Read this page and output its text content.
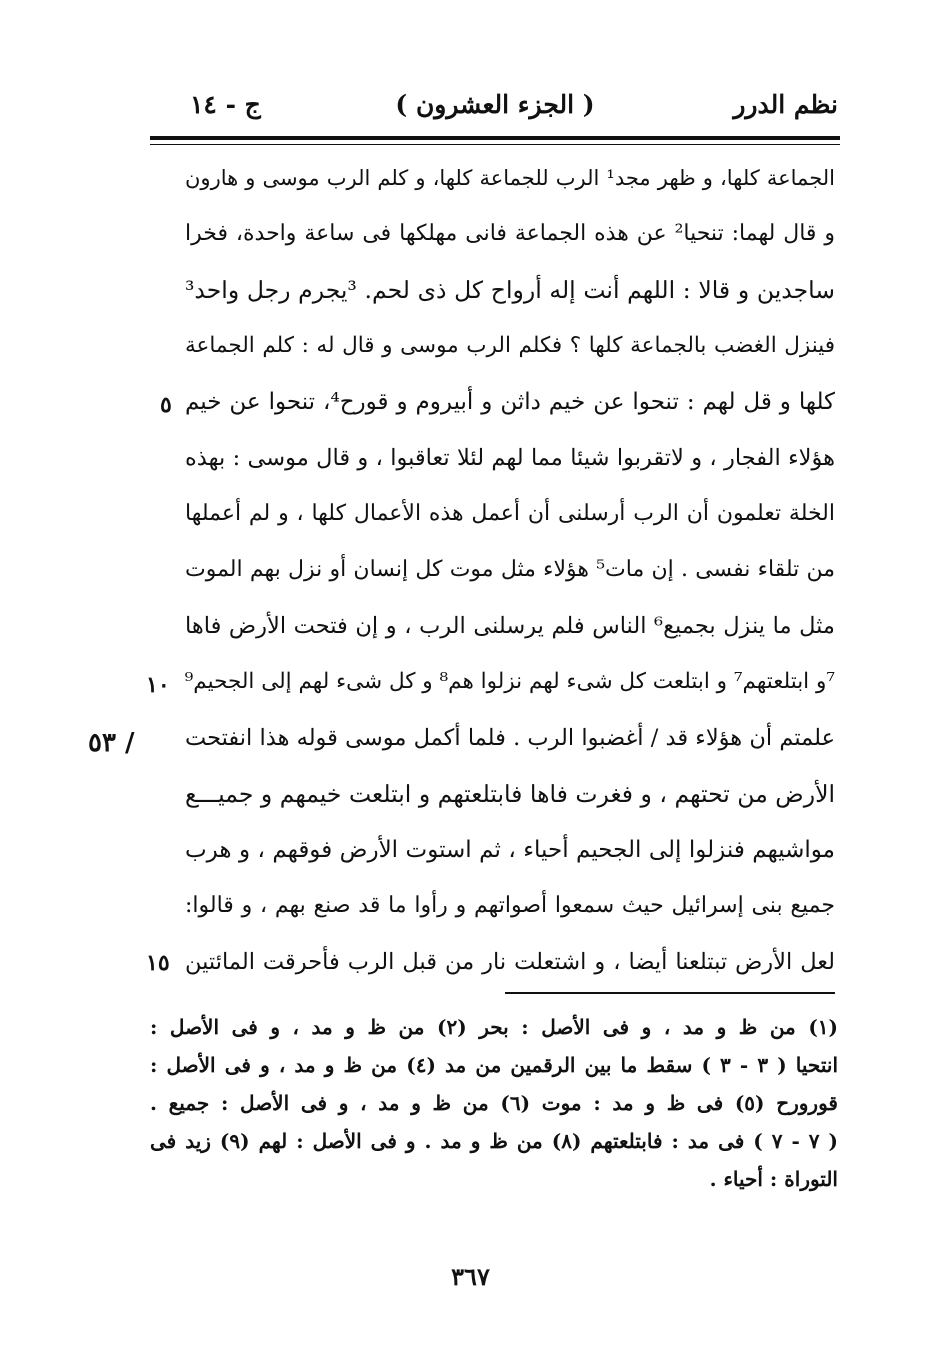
نظم الدرر
( الجزء العشرون )
ج - ١٤
الجماعة كلها، و ظهر مجد¹ الرب للجماعة كلها، و كلم الرب موسى و هارون
و قال لهما: تنحيا² عن هذه الجماعة فانى مهلكها فى ساعة واحدة، فخرا
ساجدين و قالا : اللهم أنت إله أرواح كل ذى لحم. ³يجرم رجل واحد³
فينزل الغضب بالجماعة كلها ؟ فكلم الرب موسى و قال له : كلم الجماعة
كلها و قل لهم : تنحوا عن خيم داثن و أبيروم و قورح⁴، تنحوا عن خيم
هؤلاء الفجار ، و لاتقربوا شيئا مما لهم لئلا تعاقبوا ، و قال موسى : بهذه
الخلة تعلمون أن الرب أرسلنى أن أعمل هذه الأعمال كلها ، و لم أعملها
من تلقاء نفسى . إن مات⁵ هؤلاء مثل موت كل إنسان أو نزل بهم الموت
مثل ما ينزل بجميع⁶ الناس فلم يرسلنى الرب ، و إن فتحت الأرض فاها
⁷و ابتلعتهم⁷ و ابتلعت كل شىء لهم نزلوا هم⁸ و كل شىء لهم إلى الجحيم⁹
علمتم أن هؤلاء قد / أغضبوا الرب . فلما أكمل موسى قوله هذا انفتحت
الأرض من تحتهم ، و فغرت فاها فابتلعتهم و ابتلعت خيمهم و جميـــع
مواشيهم فنزلوا إلى الجحيم أحياء ، ثم استوت الأرض فوقهم ، و هرب
جميع بنى إسرائيل حيث سمعوا أصواتهم و رأوا ما قد صنع بهم ، و قالوا:
لعل الأرض تبتلعنا أيضا ، و اشتعلت نار من قبل الرب فأحرقت المائتين
٥
١٠
١٥
٥٣ /
(١) من ظ و مد ، و فى الأصل : بحر (٢) من ظ و مد ، و فى الأصل :
انتحيا ( ٣ - ٣ ) سقط ما بين الرقمين من مد (٤) من ظ و مد ، و فى الأصل :
قورورح (٥) فى ظ و مد : موت (٦) من ظ و مد ، و فى الأصل : جميع .
( ٧ - ٧ ) فى مد : فابتلعتهم (٨) من ظ و مد . و فى الأصل : لهم (٩) زيد فى
التوراة : أحياء .
٣٦٧
